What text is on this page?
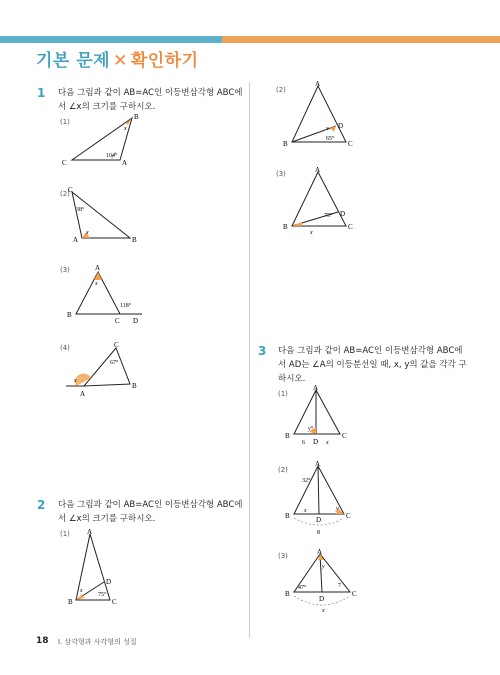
기본 문제 ✕ 확인하기
1 다음 그림과 같이 AB=AC인 이등변삼각형 ABC에
서 ∠x의 크기를 구하시오.
(1)
B
C	A
x
104°
(2)
C
A	B
38°
x
(3)	A
B
C D
118°
x
(4)	C
A
B
67°
x
2 다음 그림과 같이 AB=AC인 이등변삼각형 ABC에
서 ∠x의 크기를 구하시오.
(1) A
B	C
D
75°
x
(2)
A
B	C
D
65°
x
(3)	A
B	C
D
75°
x
3 다음 그림과 같이 AB=AC인 이등변삼각형 ABC에
서 AD는 ∠A의 이등분선일 때, x, y의 값을 각각 구
하시오.
(1)
A
B	C
D
6
y°
x
(2)
A
B	C
D
32°
8
x	y
(3)	A
B	C
D
47°	7
y
x
18 Ⅰ. 삼각형과 사각형의 성질
